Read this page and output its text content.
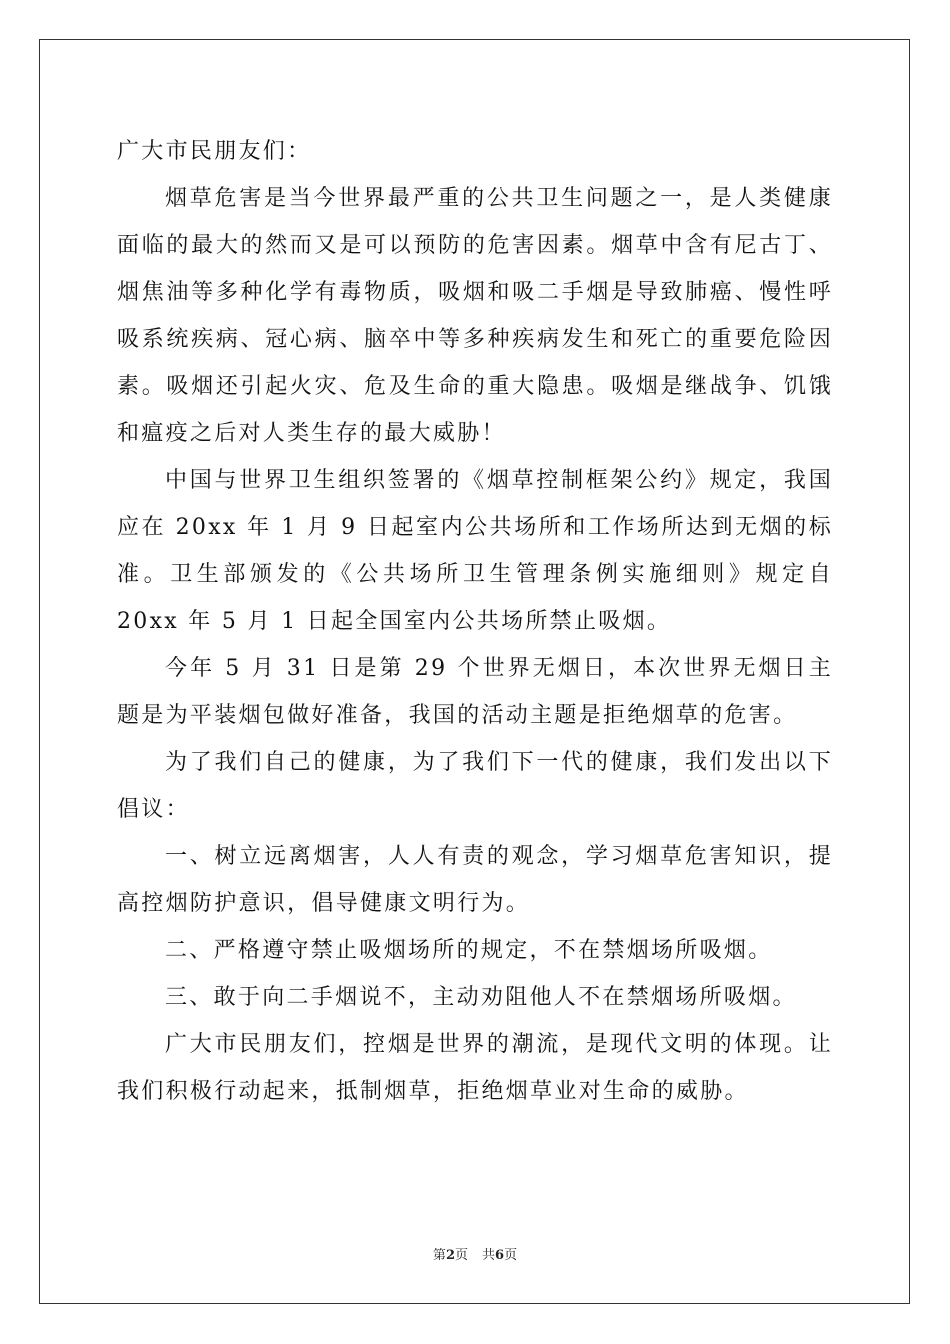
广大市民朋友们：

烟草危害是当今世界最严重的公共卫生问题之一，是人类健康面临的最大的然而又是可以预防的危害因素。烟草中含有尼古丁、烟焦油等多种化学有毒物质，吸烟和吸二手烟是导致肺癌、慢性呼吸系统疾病、冠心病、脑卒中等多种疾病发生和死亡的重要危险因素。吸烟还引起火灾、危及生命的重大隐患。吸烟是继战争、饥饿和瘟疫之后对人类生存的最大威胁！

中国与世界卫生组织签署的《烟草控制框架公约》规定，我国应在 20xx 年 1 月 9 日起室内公共场所和工作场所达到无烟的标准。卫生部颁发的《公共场所卫生管理条例实施细则》规定自 20xx 年 5 月 1 日起全国室内公共场所禁止吸烟。

今年 5 月 31 日是第 29 个世界无烟日，本次世界无烟日主题是为平装烟包做好准备，我国的活动主题是拒绝烟草的危害。

为了我们自己的健康，为了我们下一代的健康，我们发出以下倡议：

一、树立远离烟害，人人有责的观念，学习烟草危害知识，提高控烟防护意识，倡导健康文明行为。

二、严格遵守禁止吸烟场所的规定，不在禁烟场所吸烟。

三、敢于向二手烟说不，主动劝阻他人不在禁烟场所吸烟。

广大市民朋友们，控烟是世界的潮流，是现代文明的体现。让我们积极行动起来，抵制烟草，拒绝烟草业对生命的威胁。

第2页 共6页
